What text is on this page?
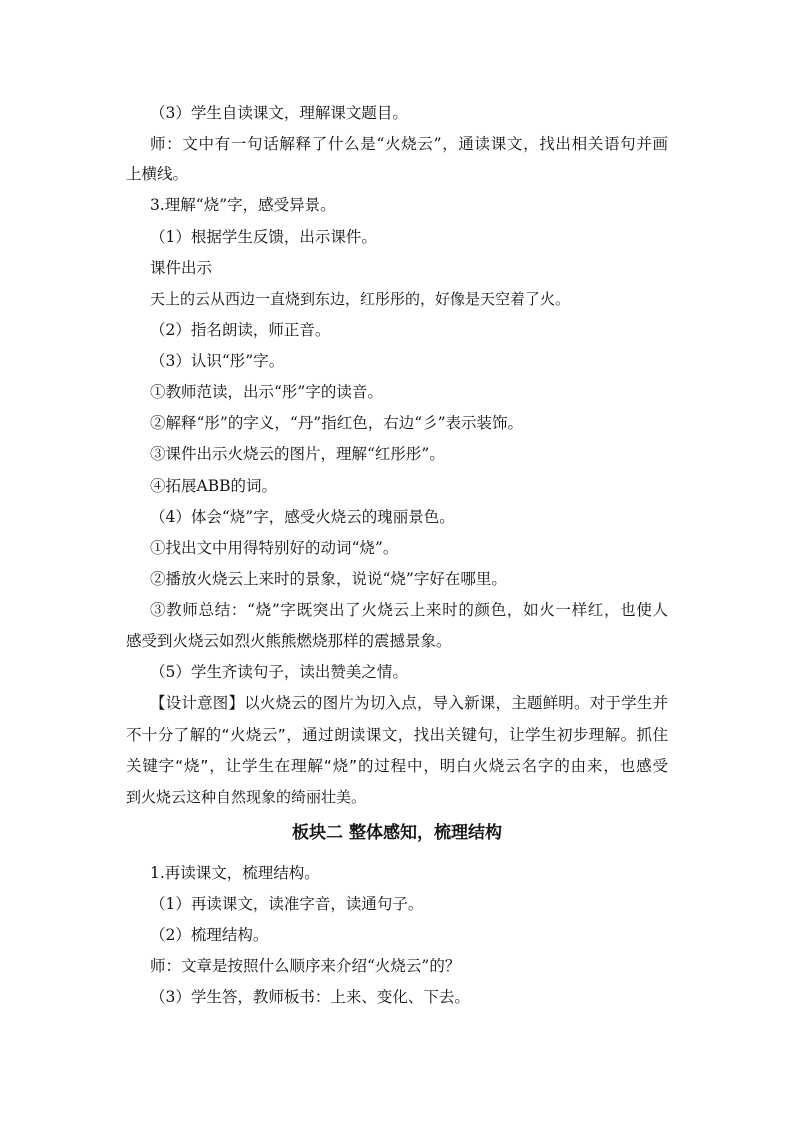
（3）学生自读课文，理解课文题目。
师：文中有一句话解释了什么是“火烧云”，通读课文，找出相关语句并画
上横线。
3.理解“烧”字，感受异景。
（1）根据学生反馈，出示课件。
课件出示
天上的云从西边一直烧到东边，红彤彤的，好像是天空着了火。
（2）指名朗读，师正音。
（3）认识“彤”字。
①教师范读，出示“彤”字的读音。
②解释“彤”的字义，“丹”指红色，右边“彡”表示装饰。
③课件出示火烧云的图片，理解“红彤彤”。
④拓展ABB的词。
（4）体会“烧”字，感受火烧云的瑰丽景色。
①找出文中用得特别好的动词“烧”。
②播放火烧云上来时的景象，说说“烧”字好在哪里。
③教师总结：“烧”字既突出了火烧云上来时的颜色，如火一样红，也使人
感受到火烧云如烈火熊熊燃烧那样的震撼景象。
（5）学生齐读句子，读出赞美之情。
【设计意图】以火烧云的图片为切入点，导入新课，主题鲜明。对于学生并
不十分了解的“火烧云”，通过朗读课文，找出关键句，让学生初步理解。抓住
关键字“烧”，让学生在理解“烧”的过程中，明白火烧云名字的由来，也感受
到火烧云这种自然现象的绮丽壮美。
板块二 整体感知，梳理结构
1.再读课文，梳理结构。
（1）再读课文，读准字音，读通句子。
（2）梳理结构。
师：文章是按照什么顺序来介绍“火烧云”的？
（3）学生答，教师板书：上来、变化、下去。
